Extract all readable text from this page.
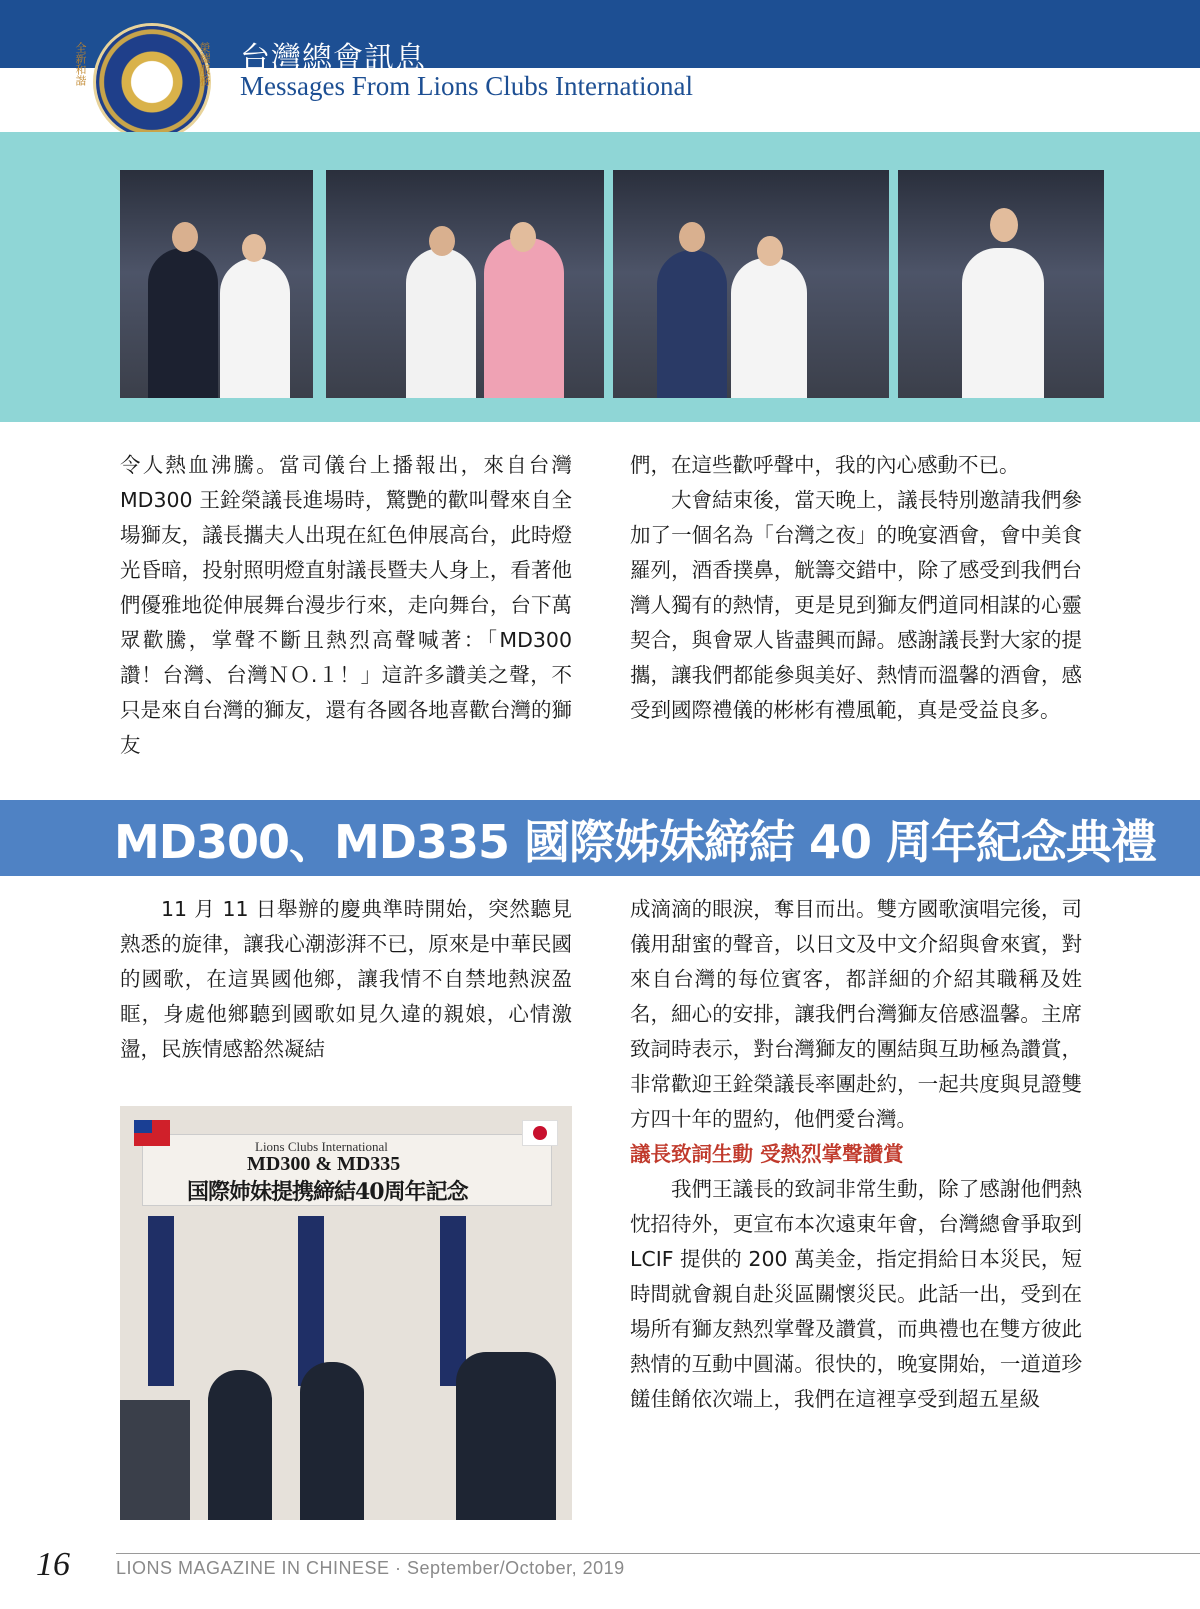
全新和諧	榮耀服務 台灣總會訊息
Messages From Lions Clubs International

令人熱血沸騰。當司儀台上播報出，來自台灣 MD300 王銓榮議長進場時，驚艷的歡叫聲來自全場獅友，議長攜夫人出現在紅色伸展高台，此時燈光昏暗，投射照明燈直射議長暨夫人身上，看著他們優雅地從伸展舞台漫步行來，走向舞台，台下萬眾歡騰，掌聲不斷且熱烈高聲喊著：「MD300 讚！台灣、台灣ＮＯ.１！」這許多讚美之聲，不只是來自台灣的獅友，還有各國各地喜歡台灣的獅友

們，在這些歡呼聲中，我的內心感動不已。

大會結束後，當天晚上，議長特別邀請我們參加了一個名為「台灣之夜」的晚宴酒會，會中美食羅列，酒香撲鼻，觥籌交錯中，除了感受到我們台灣人獨有的熱情，更是見到獅友們道同相謀的心靈契合，與會眾人皆盡興而歸。感謝議長對大家的提攜，讓我們都能參與美好、熱情而溫馨的酒會，感受到國際禮儀的彬彬有禮風範，真是受益良多。

MD300、MD335 國際姊妹締結 40 周年紀念典禮

11 月 11 日舉辦的慶典準時開始，突然聽見熟悉的旋律，讓我心潮澎湃不已，原來是中華民國的國歌，在這異國他鄉，讓我情不自禁地熱淚盈眶，身處他鄉聽到國歌如見久違的親娘，心情激盪，民族情感豁然凝結

Lions Clubs International
MD300 & MD335
国際姉妹提携締結40周年記念

成滴滴的眼淚，奪目而出。雙方國歌演唱完後，司儀用甜蜜的聲音，以日文及中文介紹與會來賓，對來自台灣的每位賓客，都詳細的介紹其職稱及姓名，細心的安排，讓我們台灣獅友倍感溫馨。主席致詞時表示，對台灣獅友的團結與互助極為讚賞，非常歡迎王銓榮議長率團赴約，一起共度與見證雙方四十年的盟約，他們愛台灣。

議長致詞生動 受熱烈掌聲讚賞

我們王議長的致詞非常生動，除了感謝他們熱忱招待外，更宣布本次遠東年會，台灣總會爭取到 LCIF 提供的 200 萬美金，指定捐給日本災民，短時間就會親自赴災區關懷災民。此話一出，受到在場所有獅友熱烈掌聲及讚賞，而典禮也在雙方彼此熱情的互動中圓滿。很快的，晚宴開始，一道道珍饈佳餚依次端上，我們在這裡享受到超五星級

16	LIONS MAGAZINE IN CHINESE · September/October, 2019
